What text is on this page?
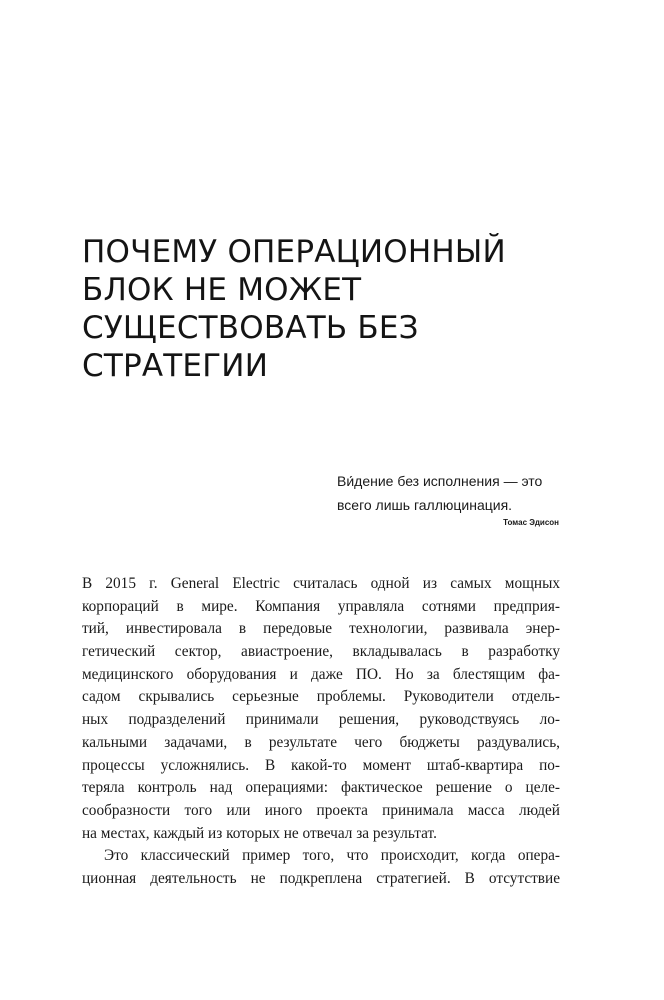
ПОЧЕМУ ОПЕРАЦИОННЫЙ
БЛОК НЕ МОЖЕТ
СУЩЕСТВОВАТЬ БЕЗ
СТРАТЕГИИ

Ви́дение без исполнения — это
всего лишь галлюцинация.

Томас Эдисон

В 2015 г. General Electric считалась одной из самых мощных
корпораций в мире. Компания управляла сотнями предприя-
тий, инвестировала в передовые технологии, развивала энер-
гетический сектор, авиастроение, вкладывалась в разработку
медицинского оборудования и даже ПО. Но за блестящим фа-
садом скрывались серьезные проблемы. Руководители отдель-
ных подразделений принимали решения, руководствуясь ло-
кальными задачами, в результате чего бюджеты раздувались,
процессы усложнялись. В какой-то момент штаб-квартира по-
теряла контроль над операциями: фактическое решение о целе-
сообразности того или иного проекта принимала масса людей
на местах, каждый из которых не отвечал за результат.
Это классический пример того, что происходит, когда опера-
ционная деятельность не подкреплена стратегией. В отсутствие
